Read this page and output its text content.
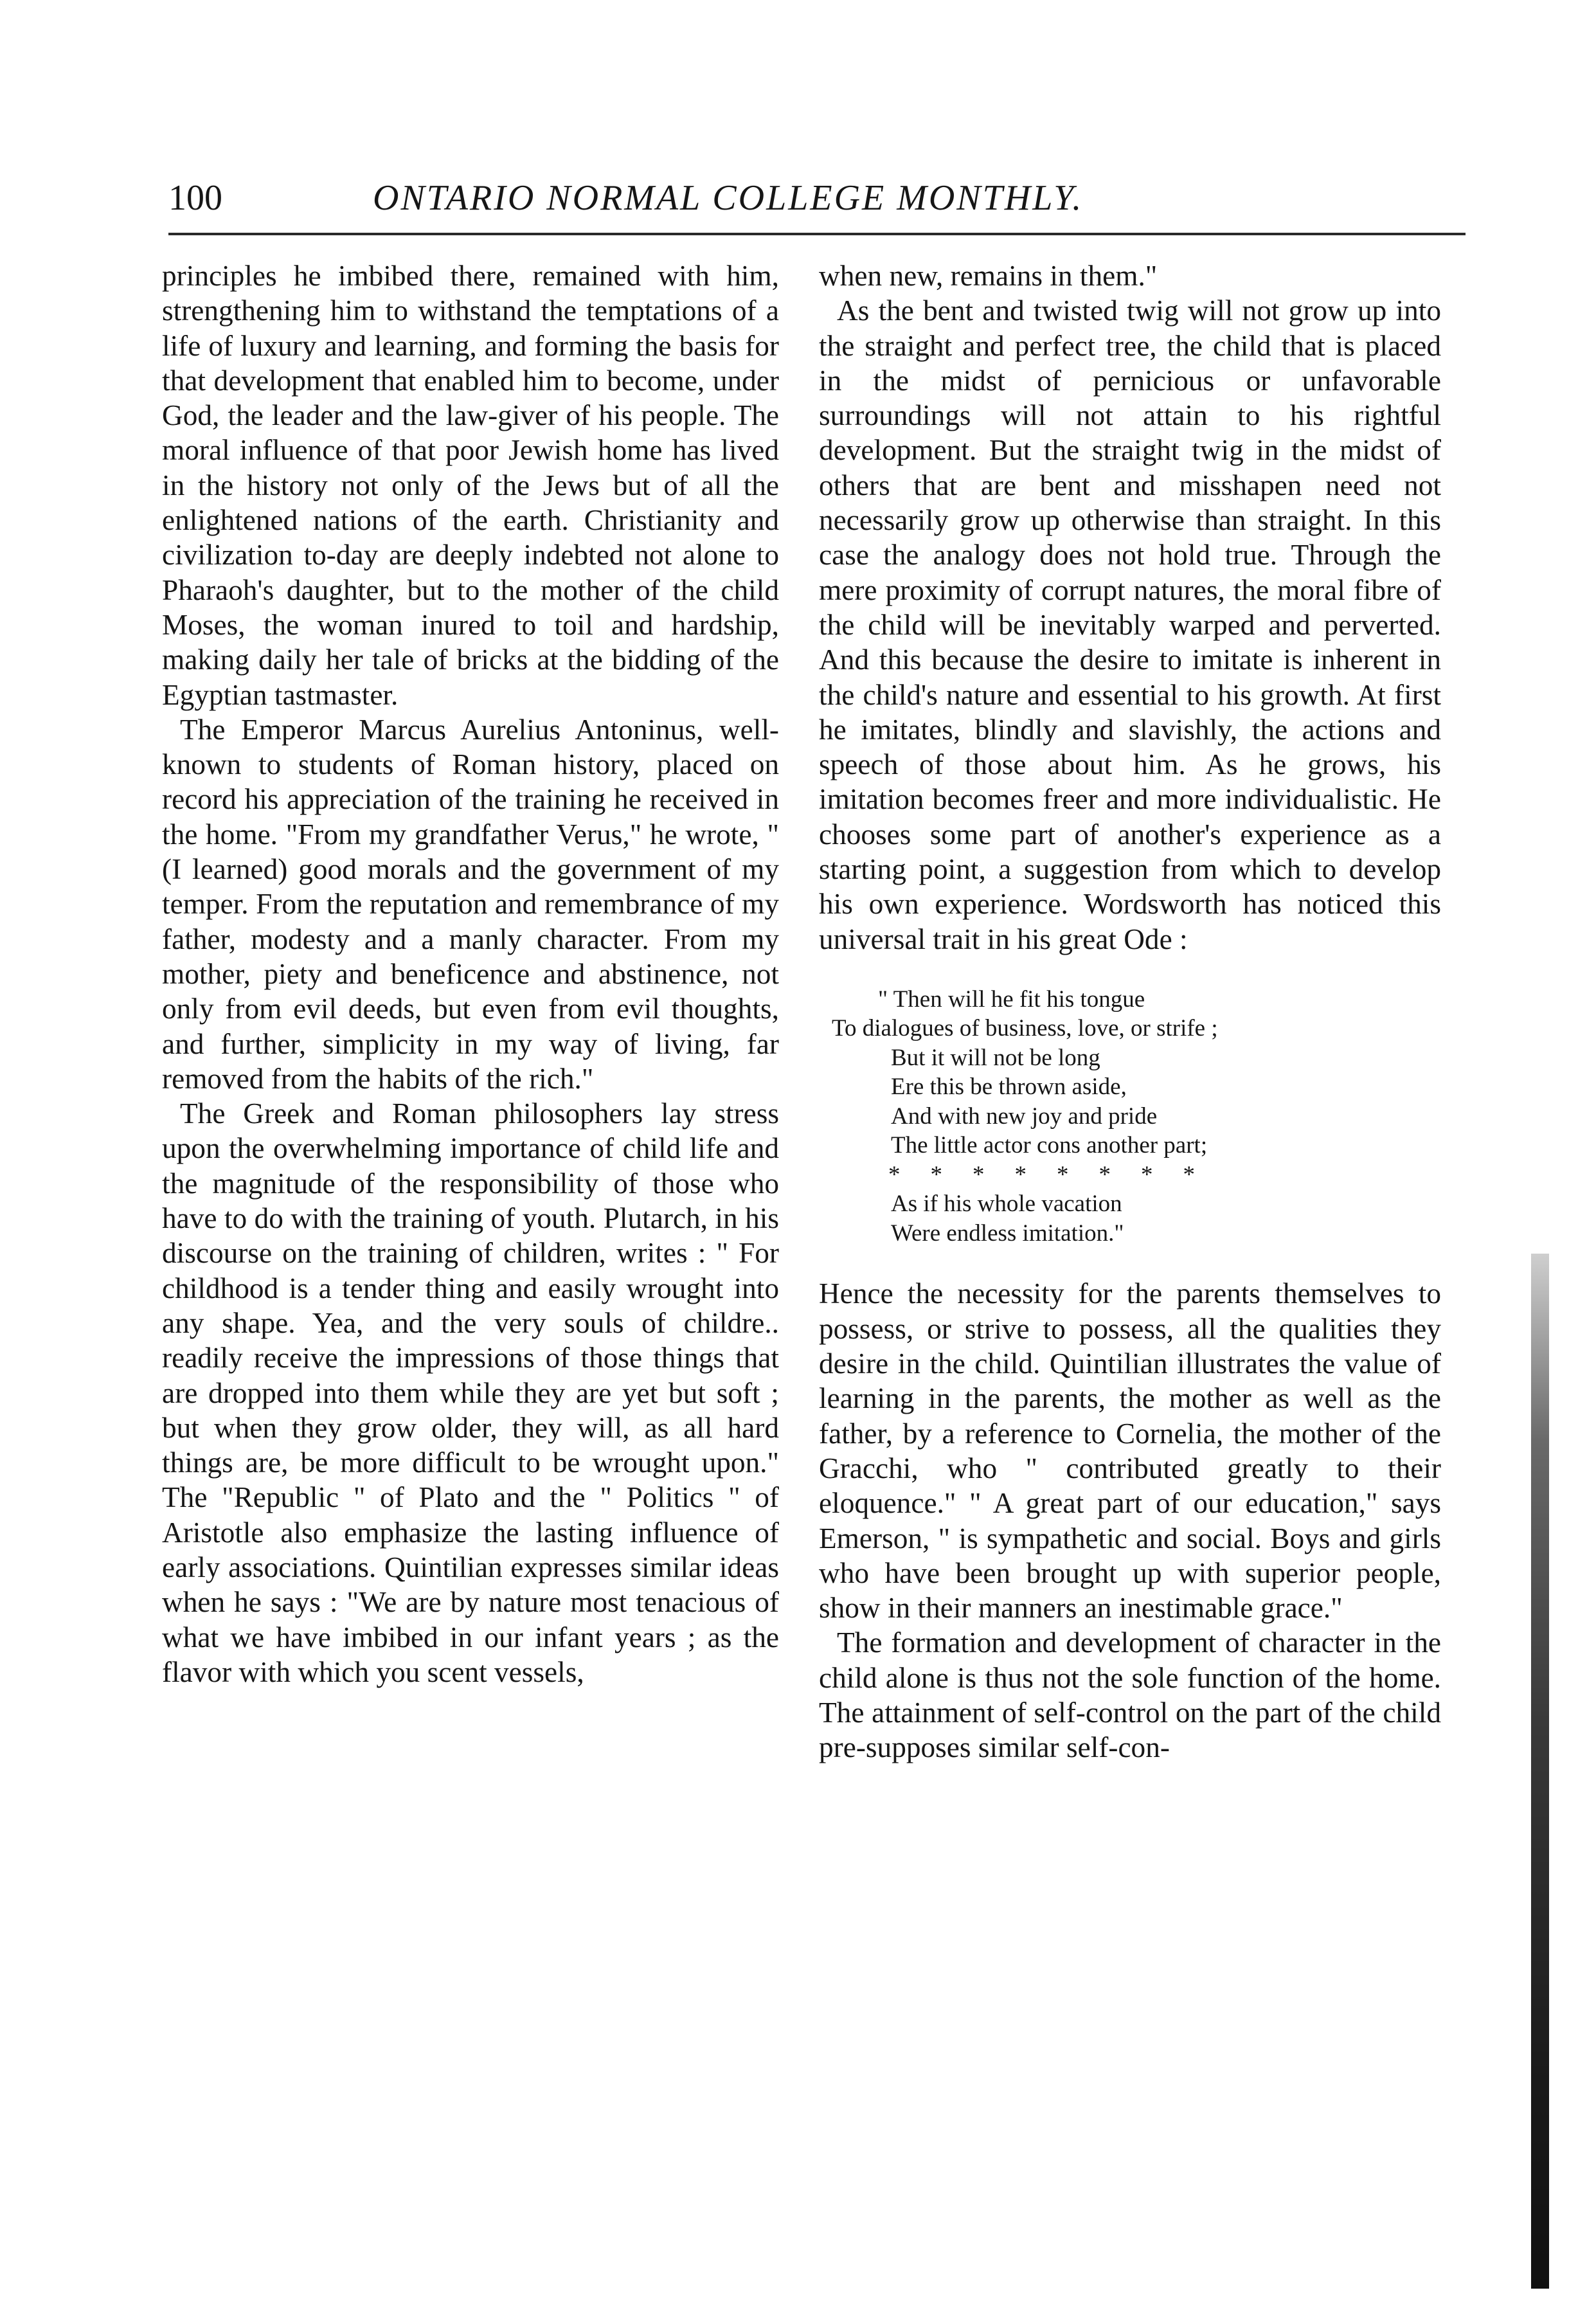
100	ONTARIO NORMAL COLLEGE MONTHLY.

principles he imbibed there, remained with him, strengthening him to withstand the temptations of a life of luxury and learning, and forming the basis for that development that enabled him to become, under God, the leader and the law-giver of his people. The moral influence of that poor Jewish home has lived in the history not only of the Jews but of all the enlightened nations of the earth. Christianity and civilization to-day are deeply indebted not alone to Pharaoh's daughter, but to the mother of the child Moses, the woman inured to toil and hardship, making daily her tale of bricks at the bidding of the Egyptian tastmaster.

The Emperor Marcus Aurelius Antoninus, well-known to students of Roman history, placed on record his appreciation of the training he received in the home. "From my grandfather Verus," he wrote, " (I learned) good morals and the government of my temper. From the reputation and remembrance of my father, modesty and a manly character. From my mother, piety and beneficence and abstinence, not only from evil deeds, but even from evil thoughts, and further, simplicity in my way of living, far removed from the habits of the rich."

The Greek and Roman philosophers lay stress upon the overwhelming importance of child life and the magnitude of the responsibility of those who have to do with the training of youth. Plutarch, in his discourse on the training of children, writes : " For childhood is a tender thing and easily wrought into any shape. Yea, and the very souls of childre.. readily receive the impressions of those things that are dropped into them while they are yet but soft ; but when they grow older, they will, as all hard things are, be more difficult to be wrought upon." The "Republic " of Plato and the " Politics " of Aristotle also emphasize the lasting influence of early associations. Quintilian expresses similar ideas when he says : "We are by nature most tenacious of what we have imbibed in our infant years ; as the flavor with which you scent vessels,

when new, remains in them."

As the bent and twisted twig will not grow up into the straight and perfect tree, the child that is placed in the midst of pernicious or unfavorable surroundings will not attain to his rightful development. But the straight twig in the midst of others that are bent and misshapen need not necessarily grow up otherwise than straight. In this case the analogy does not hold true. Through the mere proximity of corrupt natures, the moral fibre of the child will be inevitably warped and perverted. And this because the desire to imitate is inherent in the child's nature and essential to his growth. At first he imitates, blindly and slavishly, the actions and speech of those about him. As he grows, his imitation becomes freer and more individualistic. He chooses some part of another's experience as a starting point, a suggestion from which to develop his own experience. Wordsworth has noticed this universal trait in his great Ode :

" Then will he fit his tongue
To dialogues of business, love, or strife ;
But it will not be long
Ere this be thrown aside,
And with new joy and pride
The little actor cons another part;
*    *    *    *    *    *    *    *
As if his whole vacation
Were endless imitation."

Hence the necessity for the parents themselves to possess, or strive to possess, all the qualities they desire in the child. Quintilian illustrates the value of learning in the parents, the mother as well as the father, by a reference to Cornelia, the mother of the Gracchi, who " contributed greatly to their eloquence." " A great part of our education," says Emerson, " is sympathetic and social. Boys and girls who have been brought up with superior people, show in their manners an inestimable grace."

The formation and development of character in the child alone is thus not the sole function of the home. The attainment of self-control on the part of the child pre-supposes similar self-con-
